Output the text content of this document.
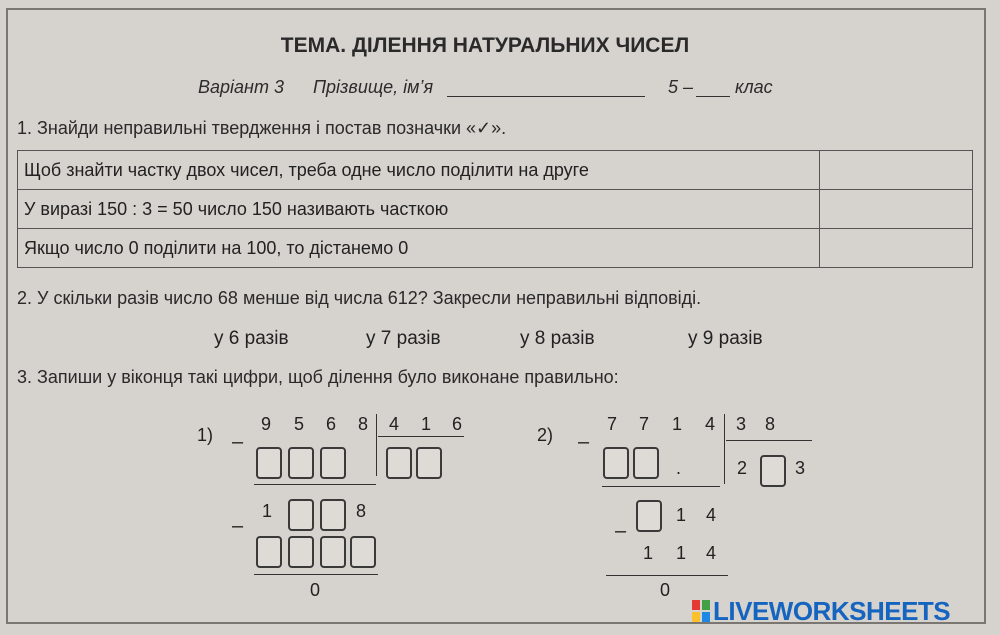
ТЕМА. ДІЛЕННЯ НАТУРАЛЬНИХ ЧИСЕЛ
Варіант 3 Прізвище, ім’я	5 – клас
1. Знайди неправильні твердження і постав позначки «✓».
Щоб знайти частку двох чисел, треба одне число поділити на друге	
У виразі 150 : 3 = 50 число 150 називають часткою	
Якщо число 0 поділити на 100, то дістанемо 0	
2. У скільки разів число 68 менше від числа 612? Закресли неправильні відповіді.
у 6 разів	у 7 разів	у 8 разів	у 9 разів
3. Запиши у віконця такі цифри, щоб ділення було виконане правильно:
1) –
9 5 6 8 4 1 6
–
1	8
0
2) –
7 7 1 4 3 8
2	3
.
–
1 4
1 1 4
0
LIVEWORKSHEETS
